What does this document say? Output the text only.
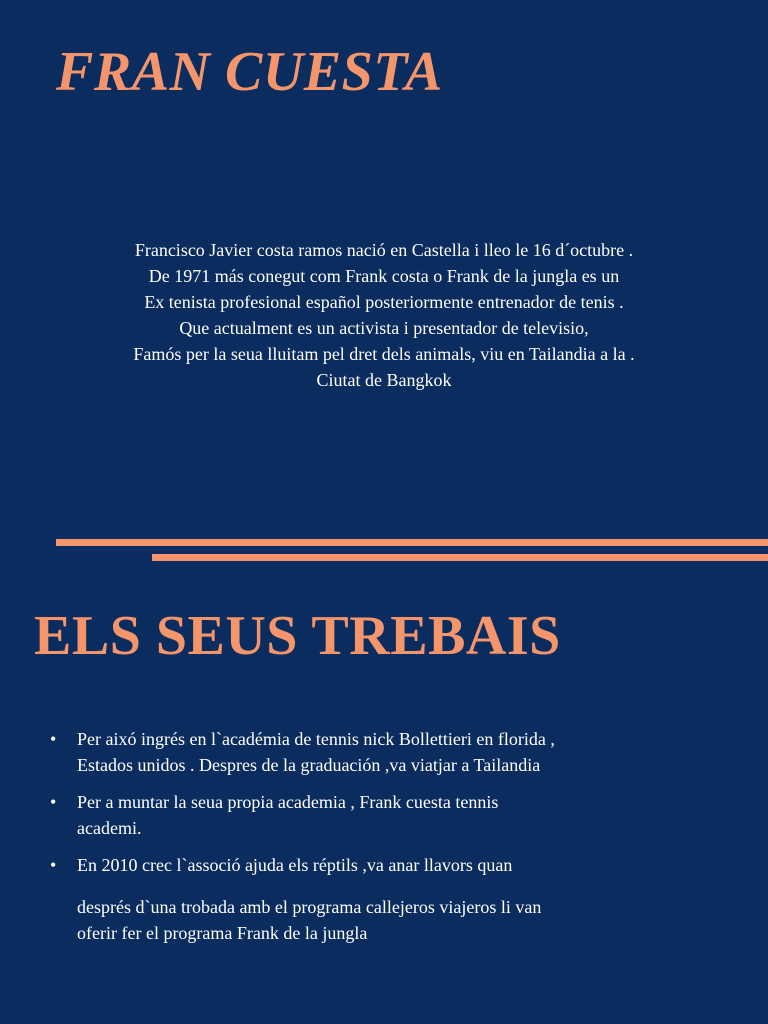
FRAN CUESTA
Francisco Javier costa ramos nació en Castella i lleo le 16 d´octubre .
De 1971 más conegut com Frank costa o Frank de la jungla es un
Ex tenista profesional español posteriormente entrenador de tenis .
Que actualment es un activista i presentador de televisio,
Famós per la seua lluitam pel dret dels animals, viu en Tailandia a la .
Ciutat de Bangkok
ELS SEUS TREBAIS
• Per aixó ingrés en l`académia de tennis nick Bollettieri en florida ,
Estados unidos . Despres de la graduación ,va viatjar a Tailandia
• Per a muntar la seua propia academia , Frank cuesta tennis
academi.
• En 2010 crec l`associó ajuda els réptils ,va anar llavors quan
després d`una trobada amb el programa callejeros viajeros li van
oferir fer el programa Frank de la jungla
